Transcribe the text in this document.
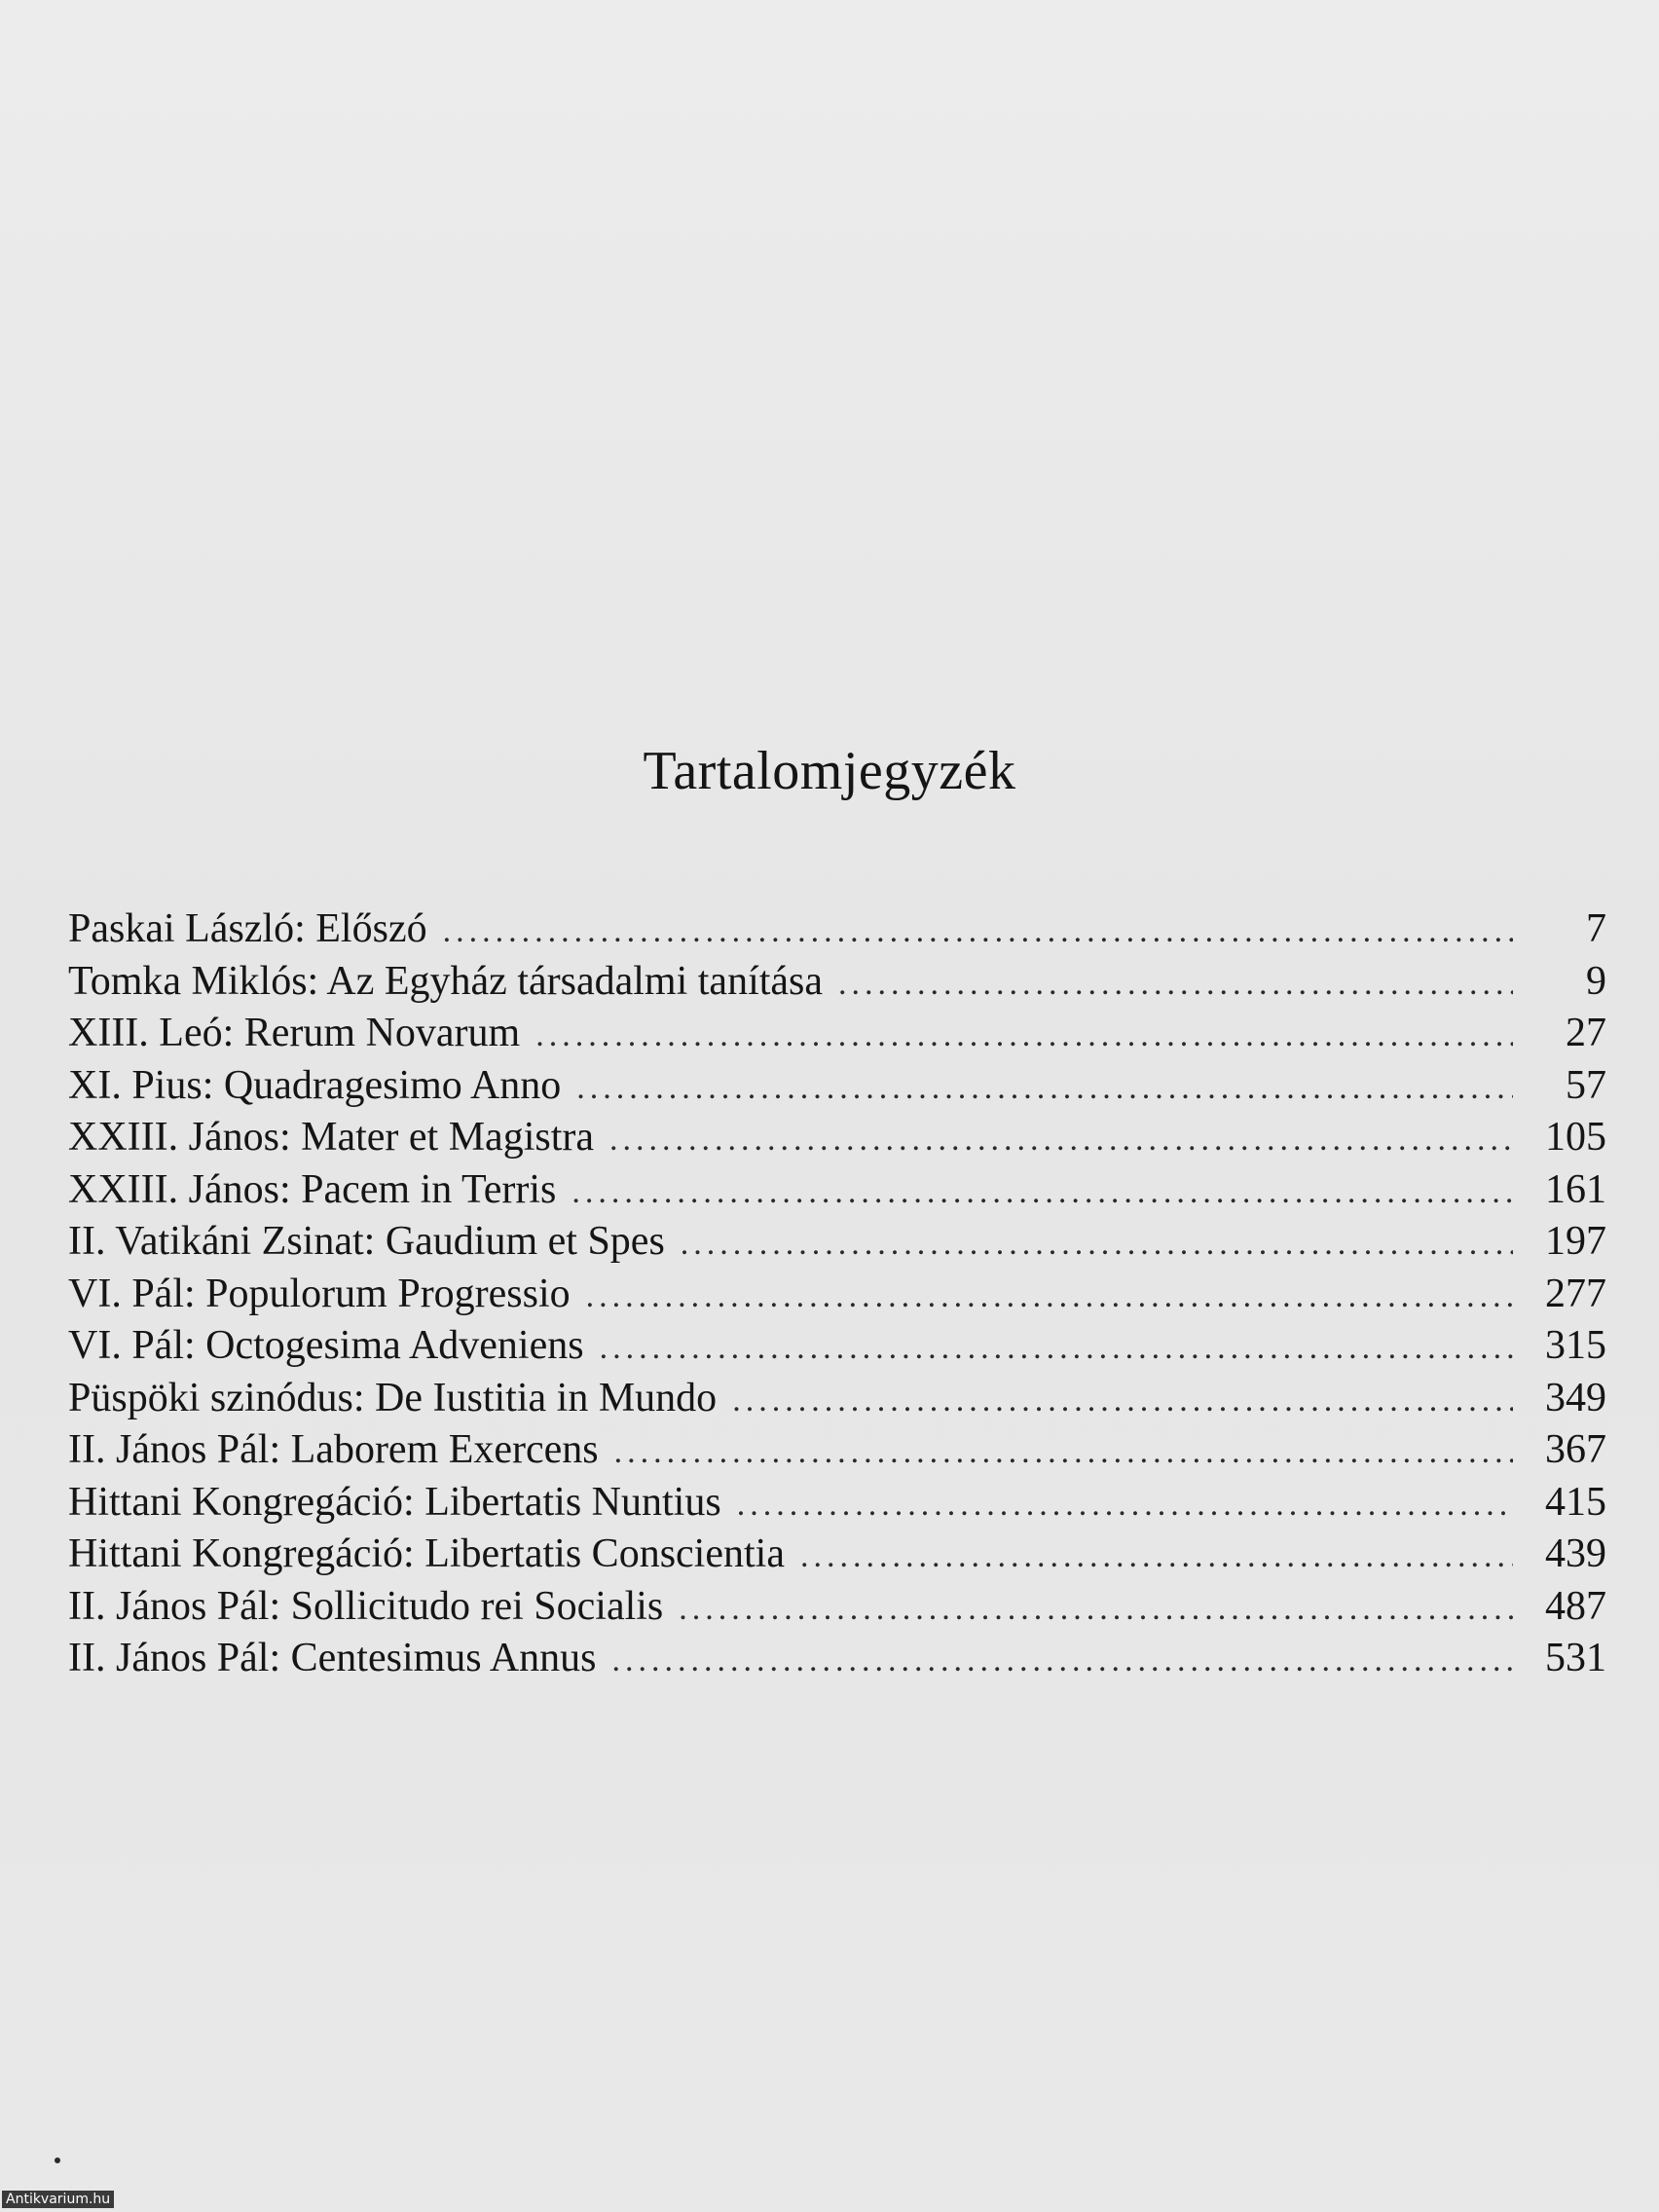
Tartalomjegyzék
Paskai László: Előszó .....	7
Tomka Miklós: Az Egyház társadalmi tanítása .....	9
XIII. Leó: Rerum Novarum .....	27
XI. Pius: Quadragesimo Anno .....	57
XXIII. János: Mater et Magistra .....	105
XXIII. János: Pacem in Terris .....	161
II. Vatikáni Zsinat: Gaudium et Spes .....	197
VI. Pál: Populorum Progressio .....	277
VI. Pál: Octogesima Adveniens .....	315
Püspöki szinódus: De Iustitia in Mundo .....	349
II. János Pál: Laborem Exercens .....	367
Hittani Kongregáció: Libertatis Nuntius .....	415
Hittani Kongregáció: Libertatis Conscientia .....	439
II. János Pál: Sollicitudo rei Socialis .....	487
II. János Pál: Centesimus Annus .....	531
Antikvarium.hu
